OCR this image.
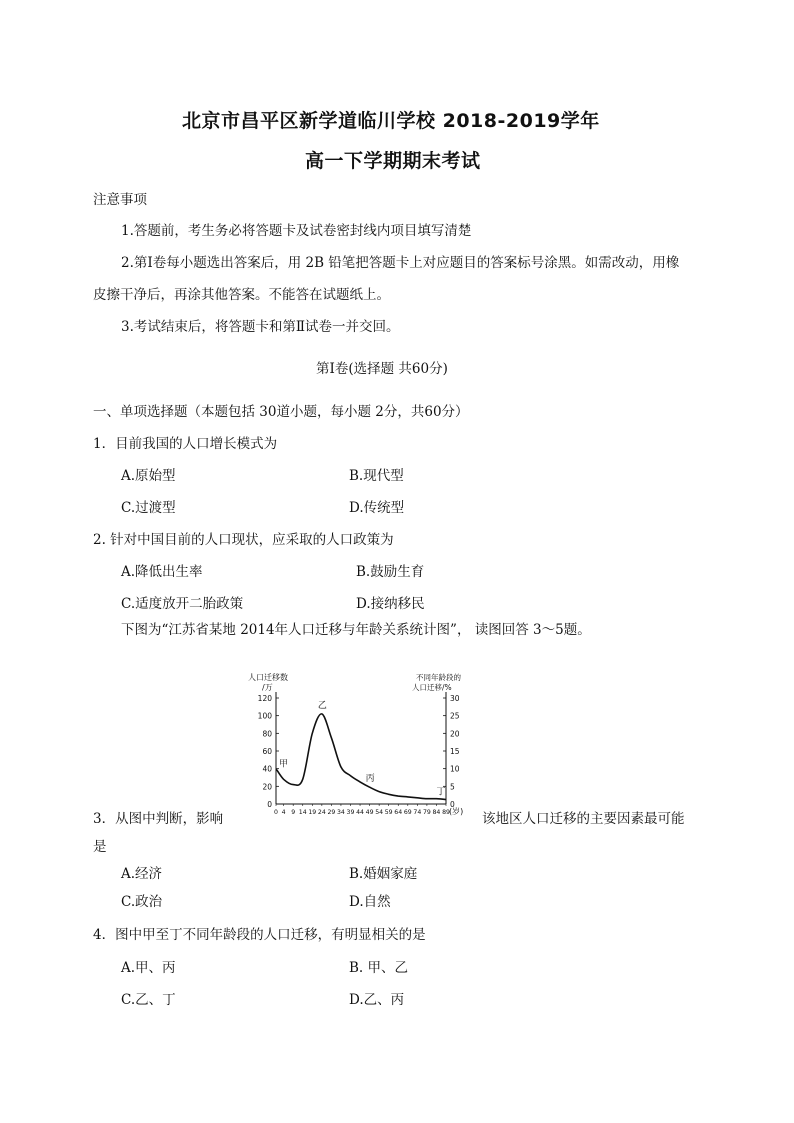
北京市昌平区新学道临川学校 2018-2019学年
高一下学期期末考试
注意事项
1.答题前，考生务必将答题卡及试卷密封线内项目填写清楚
2.第Ⅰ卷每小题选出答案后，用 2B 铅笔把答题卡上对应题目的答案标号涂黑。如需改动，用橡
皮擦干净后，再涂其他答案。不能答在试题纸上。
3.考试结束后，将答题卡和第Ⅱ试卷一并交回。
第Ⅰ卷(选择题 共60分)
一、单项选择题（本题包括 30道小题，每小题 2分，共60分）
1．目前我国的人口增长模式为
A.原始型	B.现代型
C.过渡型	D.传统型
2. 针对中国目前的人口现状，应采取的人口政策为
A.降低出生率	B.鼓励生育
C.适度放开二胎政策	D.接纳移民
下图为“江苏省某地 2014年人口迁移与年龄关系统计图”， 读图回答 3～5题。
人口迁移数
/万
不同年龄段的
人口迁移/%
0
20
40
60
80
100
120
0
5
10
15
20
25
30
0 4 9 14 19 24 29 34 39 44 49 54 59 64 69 74 79 84 89
甲
乙
丙
丁
(岁)
3．从图中判断，影响	该地区人口迁移的主要因素最可能
是
A.经济	B.婚姻家庭
C.政治	D.自然
4．图中甲至丁不同年龄段的人口迁移，有明显相关的是
A.甲、丙	B. 甲、乙
C.乙、丁	D.乙、丙
